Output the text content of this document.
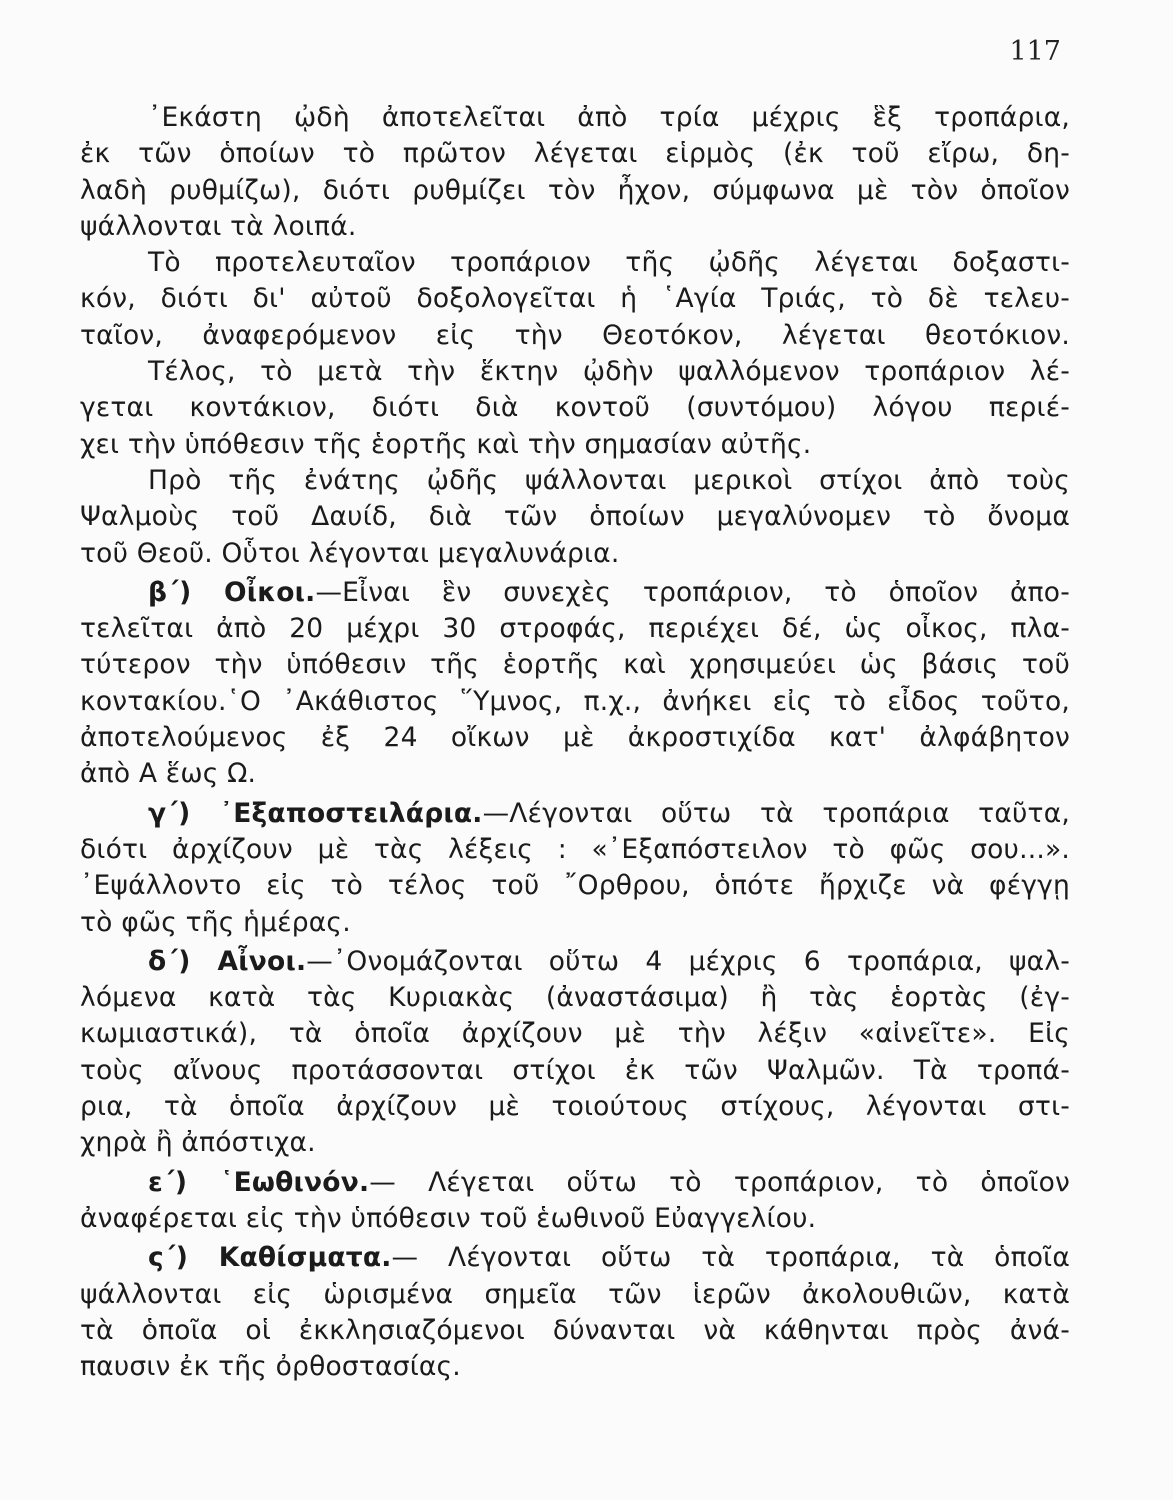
117
᾽Εκάστη ᾠδὴ ἀποτελεῖται ἀπὸ τρία μέχρις ἓξ τροπάρια,
ἐκ τῶν ὁποίων τὸ πρῶτον λέγεται εἱρμὸς (ἐκ τοῦ εἴρω, δη-
λαδὴ ρυθμίζω), διότι ρυθμίζει τὸν ἦχον, σύμφωνα μὲ τὸν ὁποῖον
ψάλλονται τὰ λοιπά.
Τὸ προτελευταῖον τροπάριον τῆς ᾠδῆς λέγεται δοξαστι-
κόν, διότι δι' αὐτοῦ δοξολογεῖται ἡ ῾Αγία Τριάς, τὸ δὲ τελευ-
ταῖον, ἀναφερόμενον εἰς τὴν Θεοτόκον, λέγεται θεοτόκιον.
Τέλος, τὸ μετὰ τὴν ἕκτην ᾠδὴν ψαλλόμενον τροπάριον λέ-
γεται κοντάκιον, διότι διὰ κοντοῦ (συντόμου) λόγου περιέ-
χει τὴν ὑπόθεσιν τῆς ἑορτῆς καὶ τὴν σημασίαν αὐτῆς.
Πρὸ τῆς ἐνάτης ᾠδῆς ψάλλονται μερικοὶ στίχοι ἀπὸ τοὺς
Ψαλμοὺς τοῦ Δαυίδ, διὰ τῶν ὁποίων μεγαλύνομεν τὸ ὄνομα
τοῦ Θεοῦ. Οὗτοι λέγονται μεγαλυνάρια.
β΄) Οἶκοι.—Εἶναι ἓν συνεχὲς τροπάριον, τὸ ὁποῖον ἀπο-
τελεῖται ἀπὸ 20 μέχρι 30 στροφάς, περιέχει δέ, ὡς οἶκος, πλα-
τύτερον τὴν ὑπόθεσιν τῆς ἑορτῆς καὶ χρησιμεύει ὡς βάσις τοῦ
κοντακίου.῾Ο ᾽Ακάθιστος ῞Υμνος, π.χ., ἀνήκει εἰς τὸ εἶδος τοῦτο,
ἀποτελούμενος ἐξ 24 οἴκων μὲ ἀκροστιχίδα κατ' ἀλφάβητον
ἀπὸ Α ἕως Ω.
γ΄) ᾽Εξαποστειλάρια.—Λέγονται οὕτω τὰ τροπάρια ταῦτα,
διότι ἀρχίζουν μὲ τὰς λέξεις : «᾽Εξαπόστειλον τὸ φῶς σου...».
᾽Εψάλλοντο εἰς τὸ τέλος τοῦ ῎Ορθρου, ὁπότε ἤρχιζε νὰ φέγγῃ
τὸ φῶς τῆς ἡμέρας.
δ΄) Αἶνοι.—᾽Ονομάζονται οὕτω 4 μέχρις 6 τροπάρια, ψαλ-
λόμενα κατὰ τὰς Κυριακὰς (ἀναστάσιμα) ἢ τὰς ἑορτὰς (ἐγ-
κωμιαστικά), τὰ ὁποῖα ἀρχίζουν μὲ τὴν λέξιν «αἰνεῖτε». Εἰς
τοὺς αἴνους προτάσσονται στίχοι ἐκ τῶν Ψαλμῶν. Τὰ τροπά-
ρια, τὰ ὁποῖα ἀρχίζουν μὲ τοιούτους στίχους, λέγονται στι-
χηρὰ ἢ ἀπόστιχα.
ε΄) ῾Εωθινόν.— Λέγεται οὕτω τὸ τροπάριον, τὸ ὁποῖον
ἀναφέρεται εἰς τὴν ὑπόθεσιν τοῦ ἑωθινοῦ Εὐαγγελίου.
ς΄) Καθίσματα.— Λέγονται οὕτω τὰ τροπάρια, τὰ ὁποῖα
ψάλλονται εἰς ὡρισμένα σημεῖα τῶν ἱερῶν ἀκολουθιῶν, κατὰ
τὰ ὁποῖα οἱ ἐκκλησιαζόμενοι δύνανται νὰ κάθηνται πρὸς ἀνά-
παυσιν ἐκ τῆς ὀρθοστασίας.
